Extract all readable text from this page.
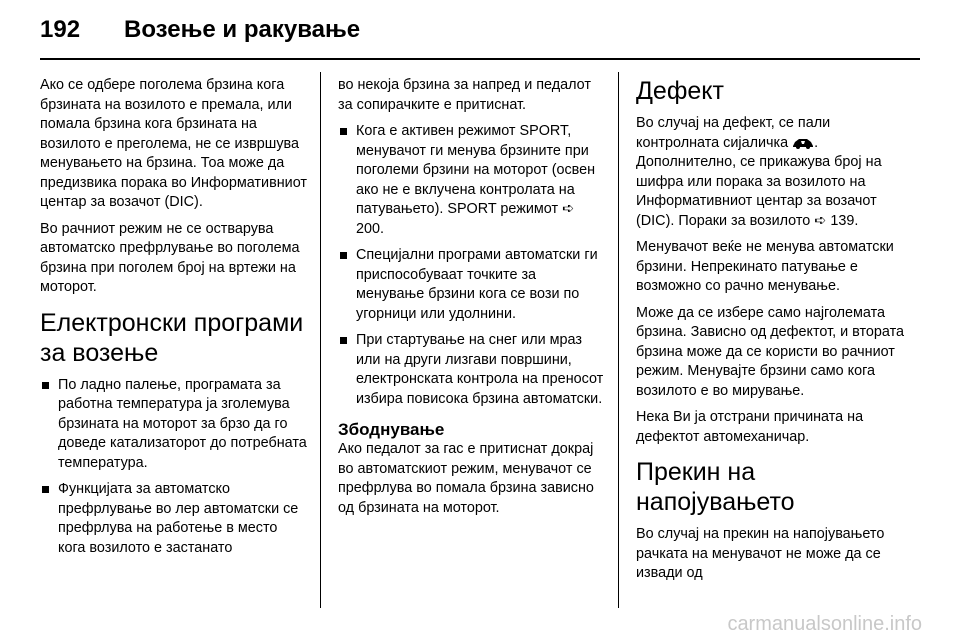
192 Возење и ракување

Ако се одбере поголема брзина кога брзината на возилото е премала, или помала брзина кога брзината на возилото е преголема, не се извршува менувањето на брзина. Тоа може да предизвика порака во Информативниот центар за возачот (DIC).

Во рачниот режим не се остварува автоматско префрлување во поголема брзина при поголем број на вртежи на моторот.

Електронски програми за возење
По ладно палење, програмата за работна температура ја зголемува брзината на моторот за брзо да го доведе катализаторот до потребната температура.
Функцијата за автоматско префрлување во лер автоматски се префрлува на работење в место кога возилото е застанато

во некоја брзина за напред и педалот за сопирачките е притиснат.

Кога е активен режимот SPORT, менувачот ги менува брзините при поголеми брзини на моторот (освен ако не е вклучена контролата на патувањето). SPORT режимот ➪ 200.
Специјални програми автоматски ги приспособуваат точките за менување брзини кога се вози по угорници или удолнини.
При стартување на снег или мраз или на други лизгави површини, електронската контрола на преносот избира повисока брзина автоматски.
Збоднување

Ако педалот за гас е притиснат докрај во автоматскиот режим, менувачот се префрлува во помала брзина зависно од брзината на моторот.

Дефект

Во случај на дефект, се пали контролната сијаличка . Дополнително, се прикажува број на шифра или порака за возилото на Информативниот центар за возачот (DIC). Пораки за возилото ➪ 139.

Менувачот веќе не менува автоматски брзини. Непрекинато патување е возможно со рачно менување.

Може да се избере само најголемата брзина. Зависно од дефектот, и втората брзина може да се користи во рачниот режим. Менувајте брзини само кога возилото е во мирување.

Нека Ви ја отстрани причината на дефектот автомеханичар.

Прекин на напојувањето

Во случај на прекин на напојувањето рачката на менувачот не може да се извади од

carmanualsonline.info
